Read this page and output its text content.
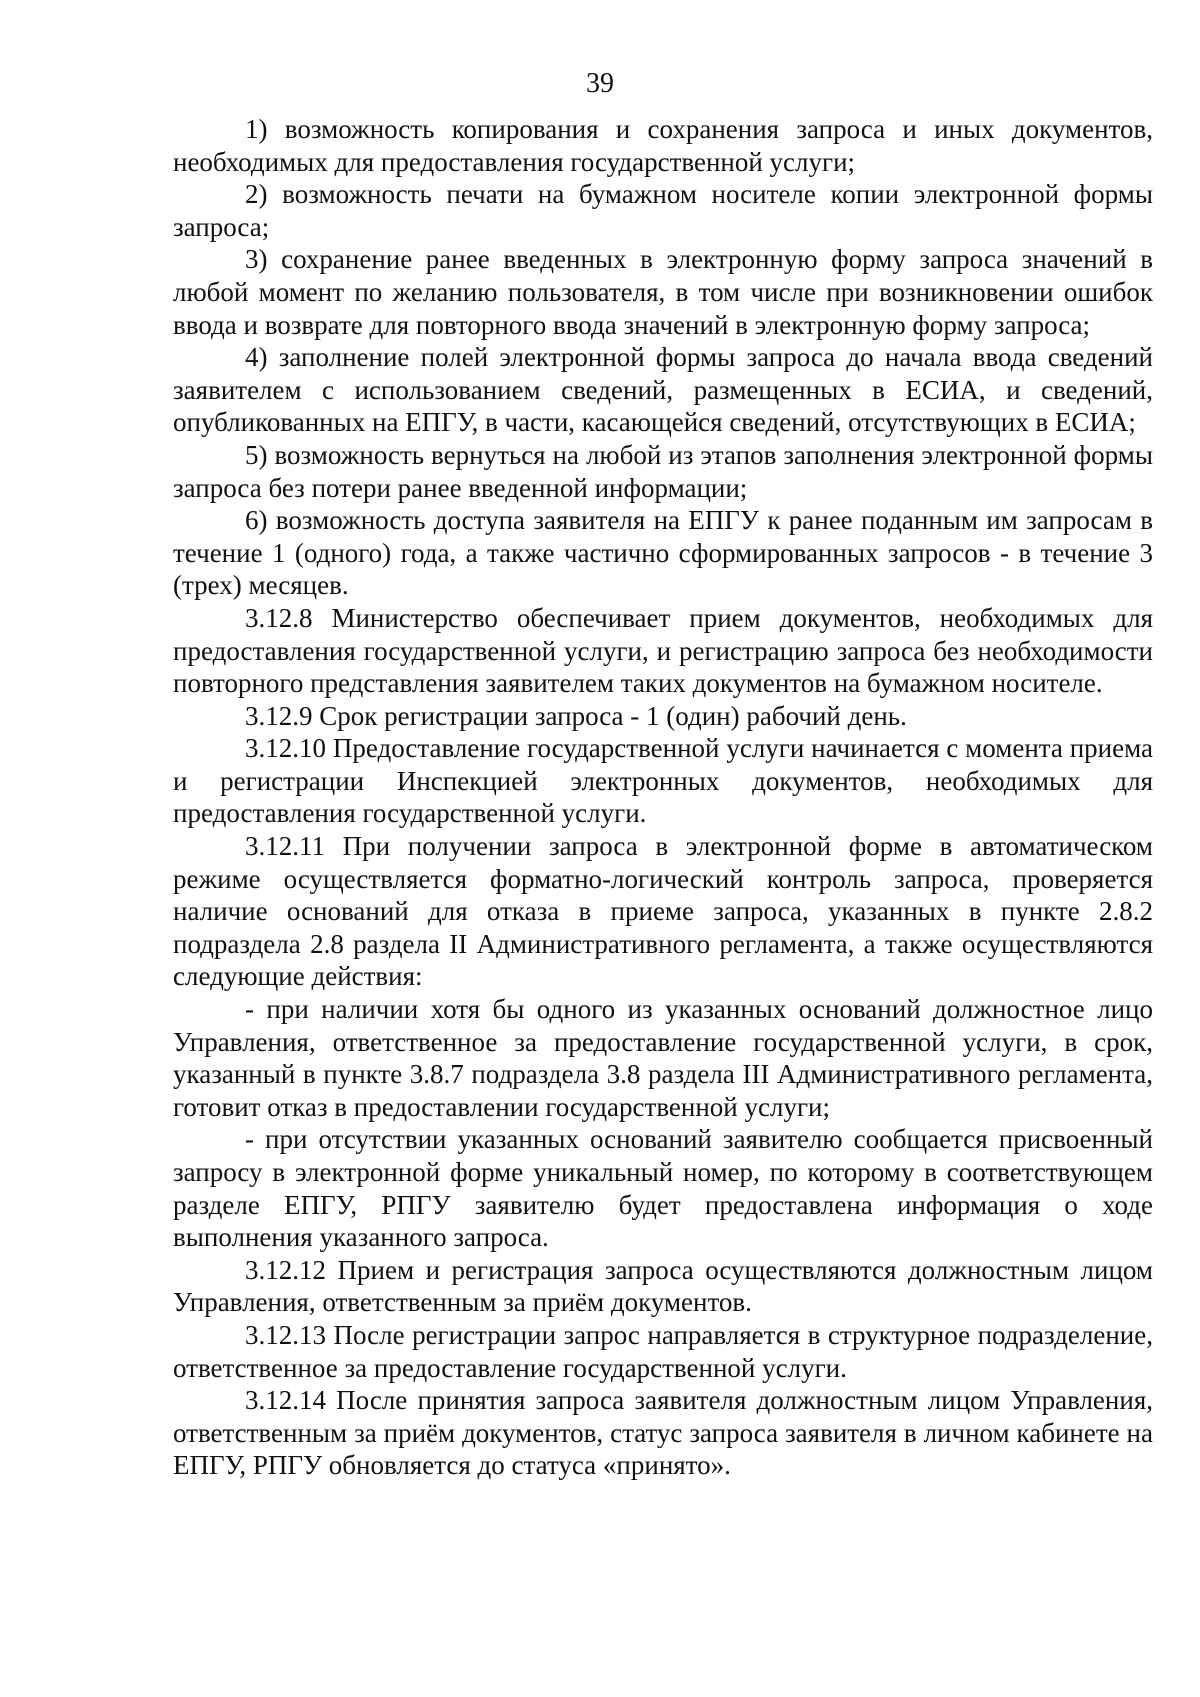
39

1) возможность копирования и сохранения запроса и иных документов, необходимых для предоставления государственной услуги;

2) возможность печати на бумажном носителе копии электронной формы запроса;

3) сохранение ранее введенных в электронную форму запроса значений в любой момент по желанию пользователя, в том числе при возникновении ошибок ввода и возврате для повторного ввода значений в электронную форму запроса;

4) заполнение полей электронной формы запроса до начала ввода сведений заявителем с использованием сведений, размещенных в ЕСИА, и сведений, опубликованных на ЕПГУ, в части, касающейся сведений, отсутствующих в ЕСИА;

5) возможность вернуться на любой из этапов заполнения электронной формы запроса без потери ранее введенной информации;

6) возможность доступа заявителя на ЕПГУ к ранее поданным им запросам в течение 1 (одного) года, а также частично сформированных запросов - в течение 3 (трех) месяцев.

3.12.8 Министерство обеспечивает прием документов, необходимых для предоставления государственной услуги, и регистрацию запроса без необходимости повторного представления заявителем таких документов на бумажном носителе.

3.12.9 Срок регистрации запроса - 1 (один) рабочий день.

3.12.10 Предоставление государственной услуги начинается с момента приема и регистрации Инспекцией электронных документов, необходимых для предоставления государственной услуги.

3.12.11 При получении запроса в электронной форме в автоматическом режиме осуществляется форматно-логический контроль запроса, проверяется наличие оснований для отказа в приеме запроса, указанных в пункте 2.8.2 подраздела 2.8 раздела II Административного регламента, а также осуществляются следующие действия:

- при наличии хотя бы одного из указанных оснований должностное лицо Управления, ответственное за предоставление государственной услуги, в срок, указанный в пункте 3.8.7 подраздела 3.8 раздела III Административного регламента, готовит отказ в предоставлении государственной услуги;

- при отсутствии указанных оснований заявителю сообщается присвоенный запросу в электронной форме уникальный номер, по которому в соответствующем разделе ЕПГУ, РПГУ заявителю будет предоставлена информация о ходе выполнения указанного запроса.

3.12.12 Прием и регистрация запроса осуществляются должностным лицом Управления, ответственным за приём документов.

3.12.13 После регистрации запрос направляется в структурное подразделение, ответственное за предоставление государственной услуги.

3.12.14 После принятия запроса заявителя должностным лицом Управления, ответственным за приём документов, статус запроса заявителя в личном кабинете на ЕПГУ, РПГУ обновляется до статуса «принято».
